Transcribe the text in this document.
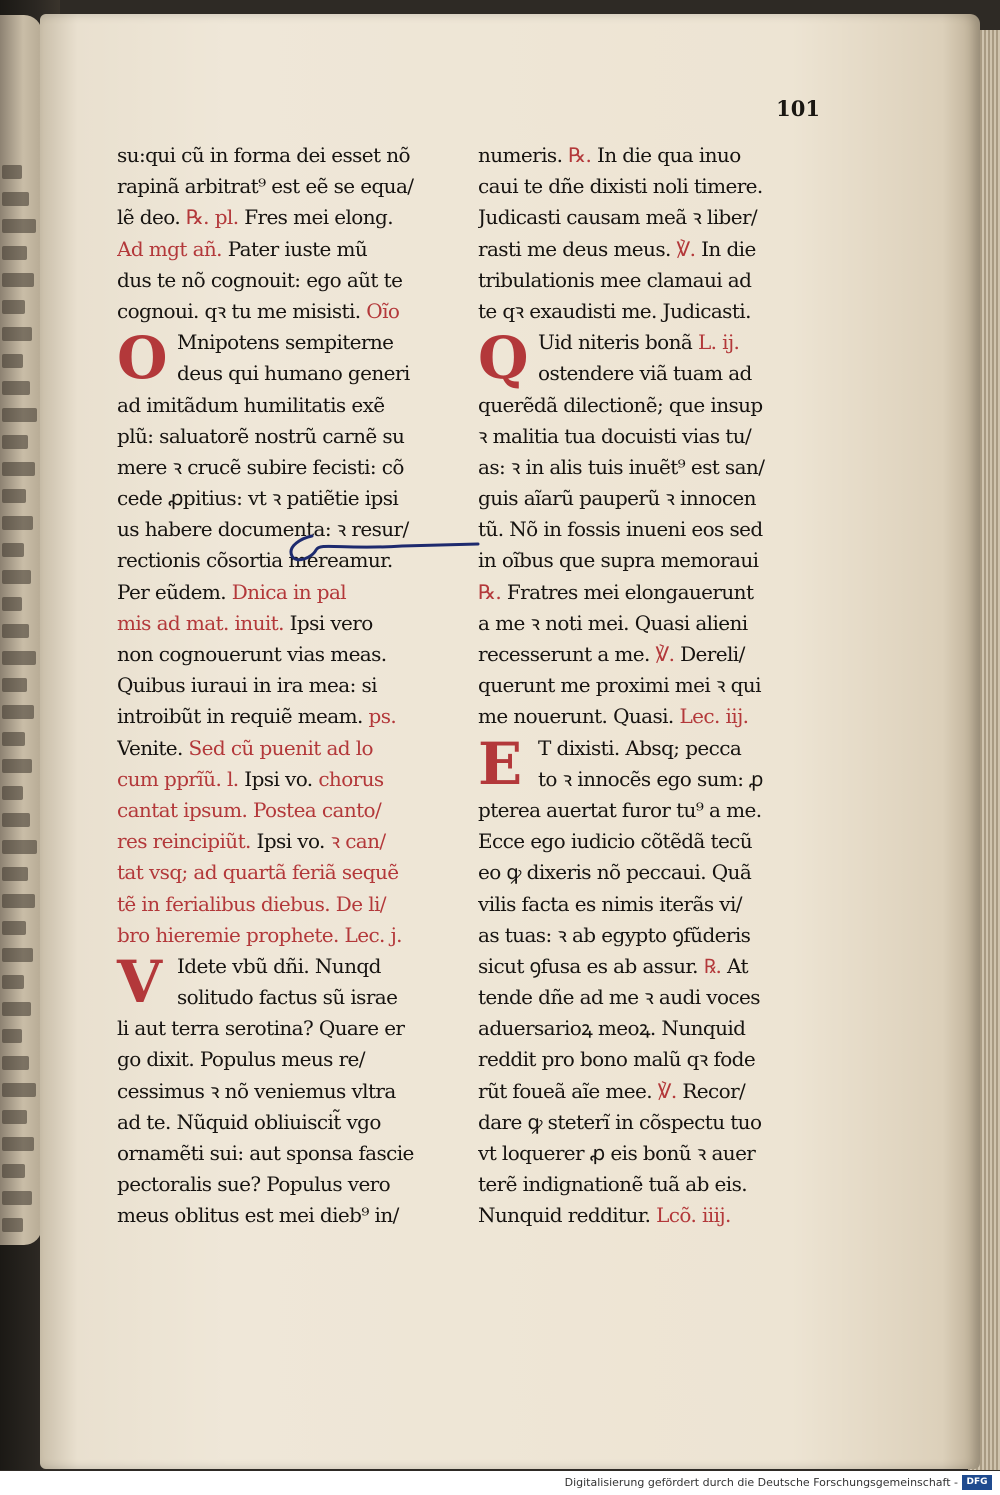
101
su:qui cũ in forma dei esset nõ
rapinã arbitrat⁹ est eẽ se equa/
lẽ deo. ℞. pl. Fres mei elong.
Ad mgt añ. Pater iuste mũ
dus te nõ cognouit: ego aũt te
cognoui. qꝛ tu me misisti. Oĩo
O Mnipotens sempiterne
deus qui humano generi
ad imitãdum humilitatis exẽ
plũ: saluatorẽ nostrũ carnẽ su
mere ꝛ crucẽ subire fecisti: cõ
cede ꝓpitius: vt ꝛ patiẽtie ipsi
us habere documenta: ꝛ resur/
rectionis cõsortia mereamur.
Per eũdem. Dnica in pal
mis ad mat. inuit. Ipsi vero
non cognouerunt vias meas.
Quibus iuraui in ira mea: si
introibũt in requiẽ meam. ps.
Venite. Sed cũ puenit ad lo
cum pprĩũ. l. Ipsi vo. chorus
cantat ipsum. Postea canto/
res reincipiũt. Ipsi vo. ꝛ can/
tat vsq; ad quartã feriã sequẽ
tẽ in ferialibus diebus. De li/
bro hieremie prophete. Lec. j.
V Idete vbũ dñi. Nunqd
solitudo factus sũ israe
li aut terra serotina? Quare er
go dixit. Populus meus re/
cessimus ꝛ nõ veniemus vltra
ad te. Nũquid obliuiscit̃ vgo
ornamẽti sui: aut sponsa fascie
pectoralis sue? Populus vero
meus oblitus est mei dieb⁹ in/
numeris. ℞. In die qua inuo
caui te dñe dixisti noli timere.
Judicasti causam meã ꝛ liber/
rasti me deus meus. ℣. In die
tribulationis mee clamaui ad
te qꝛ exaudisti me. Judicasti.
Q Uid niteris bonã L. ij.
ostendere viã tuam ad
querẽdã dilectionẽ; que insup
ꝛ malitia tua docuisti vias tu/
as: ꝛ in alis tuis inuẽt⁹ est san/
guis aĩarũ pauperũ ꝛ innocen
tũ. Nõ in fossis inueni eos sed
in oĩbus que supra memoraui
℞. Fratres mei elongauerunt
a me ꝛ noti mei. Quasi alieni
recesserunt a me. ℣. Dereli/
querunt me proximi mei ꝛ qui
me nouerunt. Quasi. Lec. iij.
E T dixisti. Absq; pecca
to ꝛ innocẽs ego sum: ꝓ
pterea auertat furor tu⁹ a me.
Ecce ego iudicio cõtẽdã tecũ
eo ꝙ dixeris nõ peccaui. Quã
vilis facta es nimis iterãs vi/
as tuas: ꝛ ab egypto ꝯfũderis
sicut ꝯfusa es ab assur. ℞. At
tende dñe ad me ꝛ audi voces
aduersarioꝝ meoꝝ. Nunquid
reddit pro bono malũ qꝛ fode
rũt foueã aĩe mee. ℣. Recor/
dare ꝙ steterĩ in cõspectu tuo
vt loquerer ꝓ eis bonũ ꝛ auer
terẽ indignationẽ tuã ab eis.
Nunquid redditur. Lcõ. iiij.
Digitalisierung gefördert durch die Deutsche Forschungsgemeinschaft - DFG
